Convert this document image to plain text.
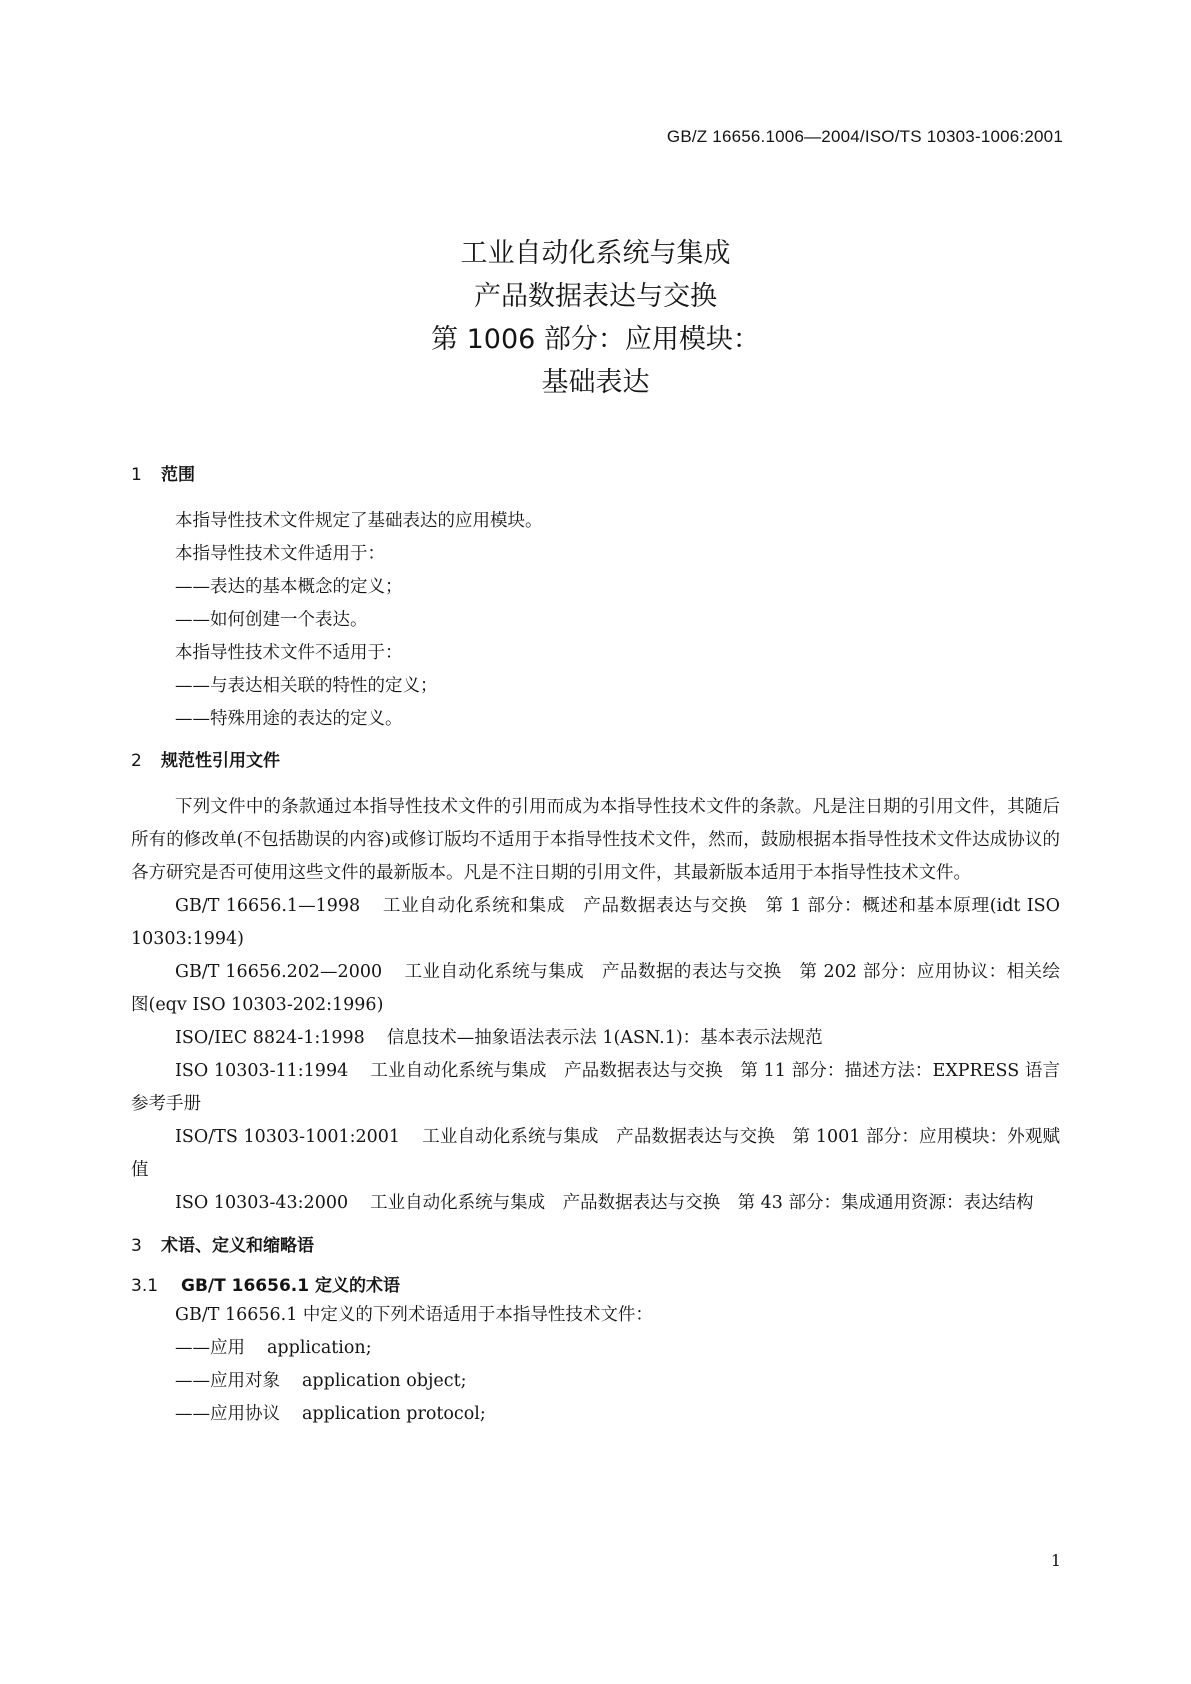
GB/Z 16656.1006—2004/ISO/TS 10303-1006:2001
工业自动化系统与集成
产品数据表达与交换
第 1006 部分：应用模块：
基础表达
1 范围

本指导性技术文件规定了基础表达的应用模块。

本指导性技术文件适用于：

——表达的基本概念的定义；

——如何创建一个表达。

本指导性技术文件不适用于：

——与表达相关联的特性的定义；

——特殊用途的表达的定义。

2 规范性引用文件

下列文件中的条款通过本指导性技术文件的引用而成为本指导性技术文件的条款。凡是注日期的引用文件，其随后所有的修改单(不包括勘误的内容)或修订版均不适用于本指导性技术文件，然而，鼓励根据本指导性技术文件达成协议的各方研究是否可使用这些文件的最新版本。凡是不注日期的引用文件，其最新版本适用于本指导性技术文件。

GB/T 16656.1—1998 工业自动化系统和集成　产品数据表达与交换　第 1 部分：概述和基本原理(idt ISO 10303:1994)

GB/T 16656.202—2000 工业自动化系统与集成　产品数据的表达与交换　第 202 部分：应用协议：相关绘图(eqv ISO 10303-202:1996)

ISO/IEC 8824-1:1998 信息技术—抽象语法表示法 1(ASN.1)：基本表示法规范

ISO 10303-11:1994 工业自动化系统与集成　产品数据表达与交换　第 11 部分：描述方法：EXPRESS 语言参考手册

ISO/TS 10303-1001:2001 工业自动化系统与集成　产品数据表达与交换　第 1001 部分：应用模块：外观赋值

ISO 10303-43:2000 工业自动化系统与集成　产品数据表达与交换　第 43 部分：集成通用资源：表达结构

3 术语、定义和缩略语
3.1 GB/T 16656.1 定义的术语

GB/T 16656.1 中定义的下列术语适用于本指导性技术文件：

——应用 application;

——应用对象 application object;

——应用协议 application protocol;

1
